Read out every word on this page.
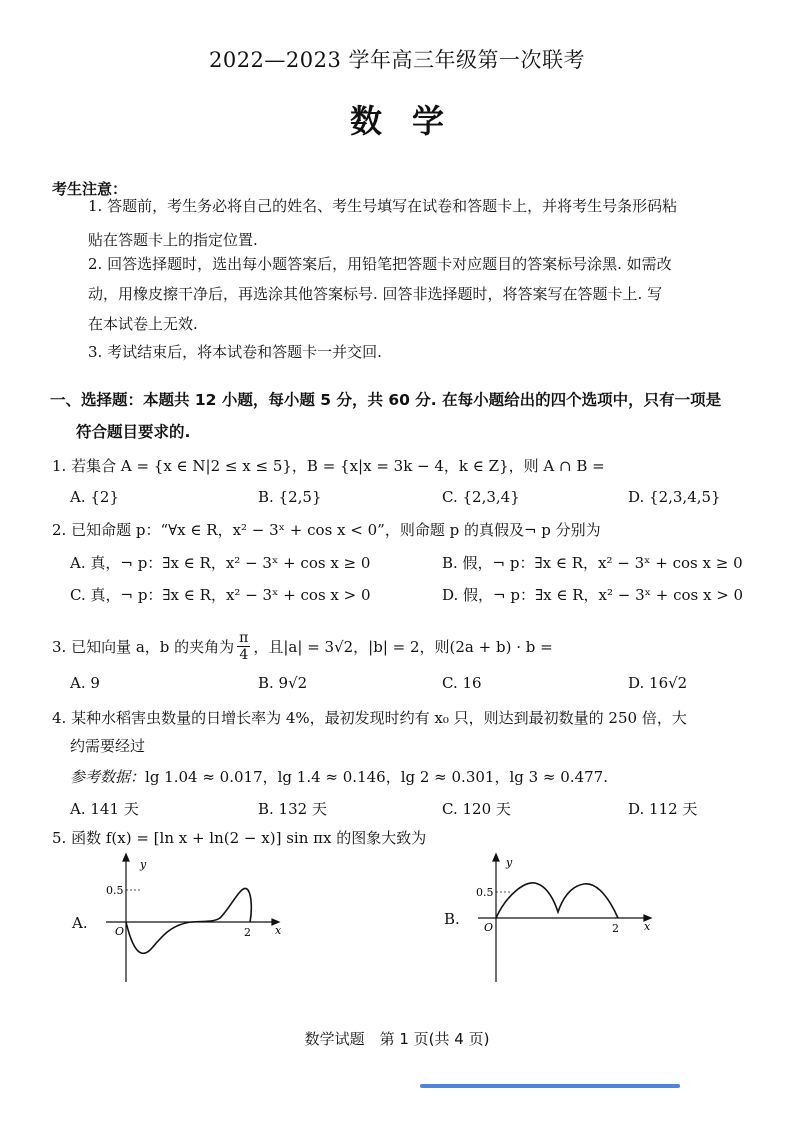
2022—2023 学年高三年级第一次联考
数学
考生注意：
1. 答题前，考生务必将自己的姓名、考生号填写在试卷和答题卡上，并将考生号条形码粘
贴在答题卡上的指定位置.
2. 回答选择题时，选出每小题答案后，用铅笔把答题卡对应题目的答案标号涂黑. 如需改
动，用橡皮擦干净后，再选涂其他答案标号. 回答非选择题时，将答案写在答题卡上. 写
在本试卷上无效.
3. 考试结束后，将本试卷和答题卡一并交回.
一、选择题：本题共 12 小题，每小题 5 分，共 60 分. 在每小题给出的四个选项中，只有一项是
符合题目要求的.
1. 若集合 A = {x ∈ N|2 ≤ x ≤ 5}，B = {x|x = 3k − 4，k ∈ Z}，则 A ∩ B =
A. {2}	B. {2,5}	C. {2,3,4}	D. {2,3,4,5}
2. 已知命题 p：“∀x ∈ R，x² − 3ˣ + cos x < 0”，则命题 p 的真假及¬ p 分别为
A. 真，¬ p：∃x ∈ R，x² − 3ˣ + cos x ≥ 0	B. 假，¬ p：∃x ∈ R，x² − 3ˣ + cos x ≥ 0
C. 真，¬ p：∃x ∈ R，x² − 3ˣ + cos x > 0	D. 假，¬ p：∃x ∈ R，x² − 3ˣ + cos x > 0
3. 已知向量 a，b 的夹角为 $\frac{\pi}{4}$ ，且|a| = 3√2，|b| = 2，则(2a + b) · b =
A. 9	B. 9√2	C. 16	D. 16√2
4. 某种水稻害虫数量的日增长率为 4%，最初发现时约有 x₀ 只，则达到最初数量的 250 倍，大
约需要经过
参考数据：lg 1.04 ≈ 0.017，lg 1.4 ≈ 0.146，lg 2 ≈ 0.301，lg 3 ≈ 0.477.
A. 141 天	B. 132 天	C. 120 天	D. 112 天
5. 函数 f(x) = [ln x + ln(2 − x)] sin πx 的图象大致为
A.
y
x
O
0.5
2
B.
y
x
O
0.5
2
数学试题　第 1 页(共 4 页)
